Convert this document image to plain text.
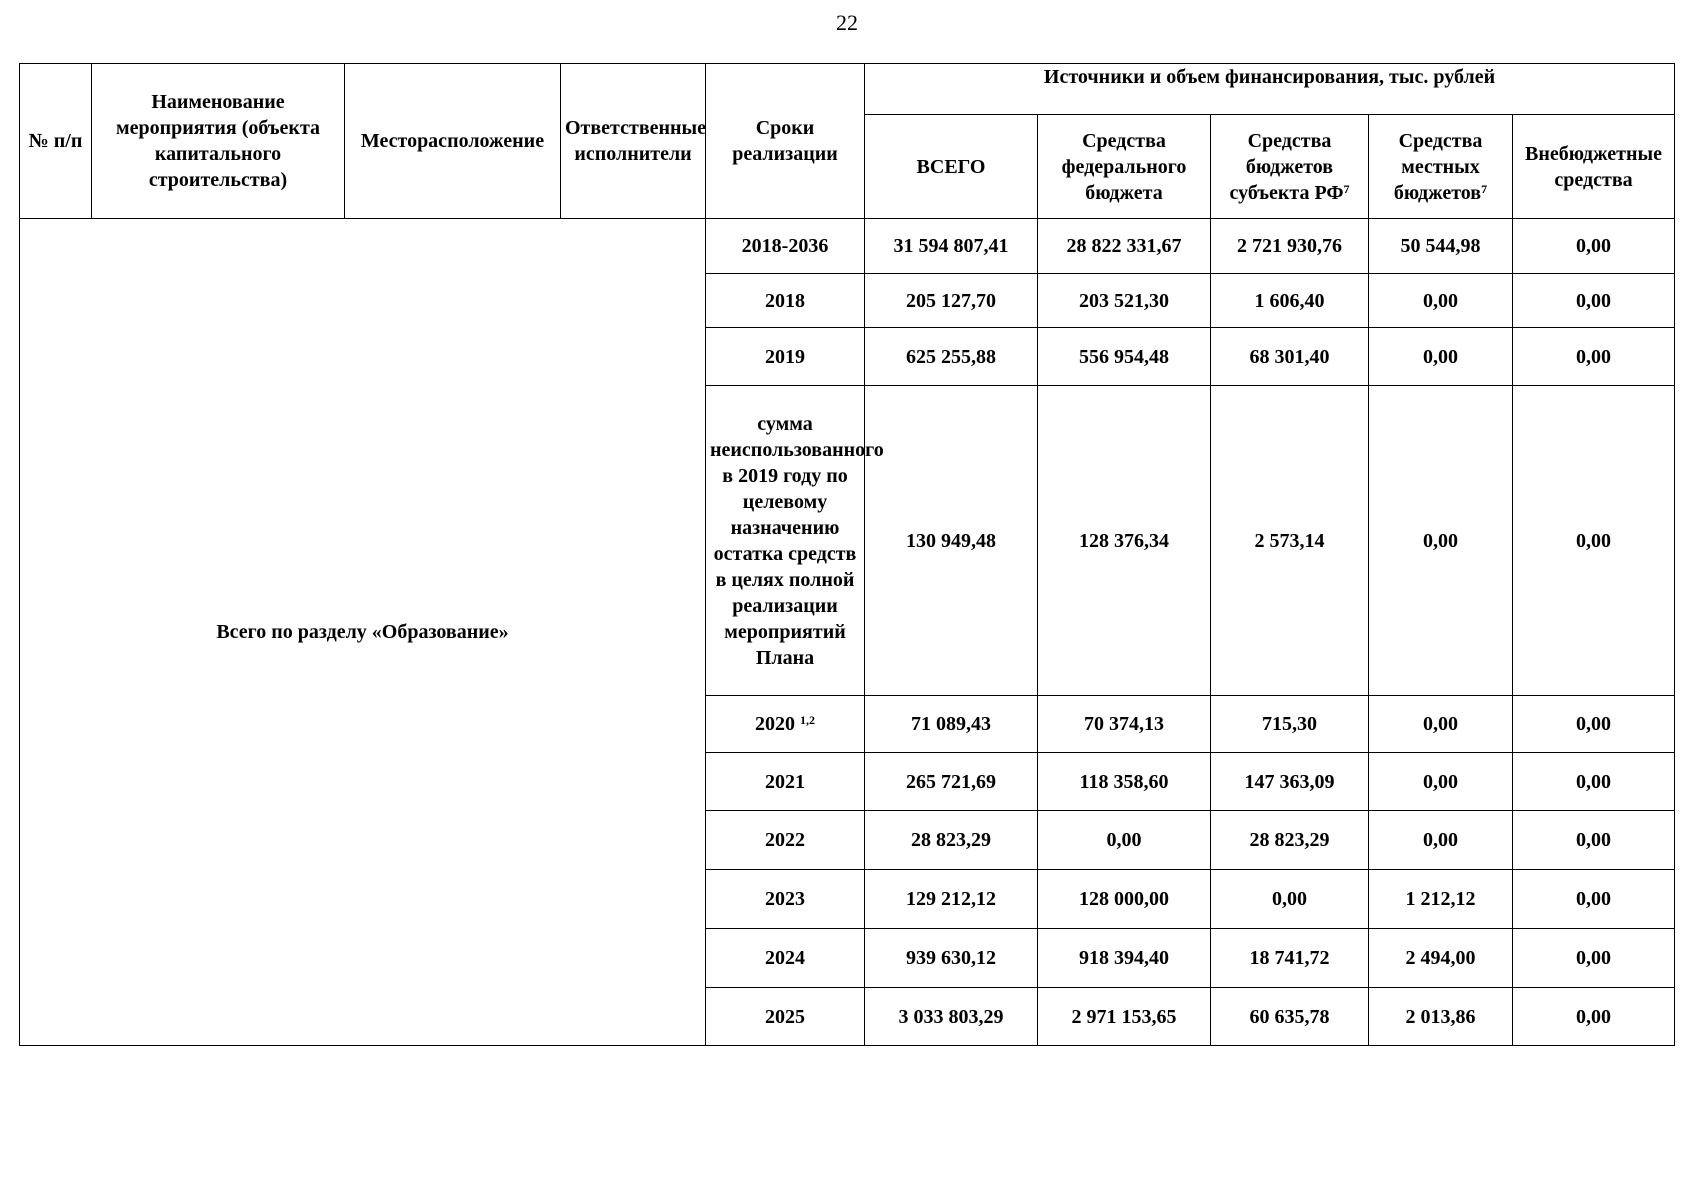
22
№ п/п	Наименование мероприятия (объекта капитального строительства)	Месторасположение	Ответственные исполнители	Сроки реализации	Источники и объем финансирования, тыс. рублей				
					ВСЕГО	Средства федерального бюджета	Средства бюджетов субъекта $РФ^7$	Средства местных бюджетов$^7$	Внебюджетные средства
Всего по разделу «Образование»				2018-2036	31 594 807,41	28 822 331,67	2 721 930,76	50 544,98	0,00
				2018	205 127,70	203 521,30	1 606,40	0,00	0,00
				2019	625 255,88	556 954,48	68 301,40	0,00	0,00
				сумма неиспользованного в 2019 году по целевому назначению остатка средств в целях полной реализации мероприятий Плана	130 949,48	128 376,34	2 573,14	0,00	0,00
				2020 $^{1,2}$	71 089,43	70 374,13	715,30	0,00	0,00
				2021	265 721,69	118 358,60	147 363,09	0,00	0,00
				2022	28 823,29	0,00	28 823,29	0,00	0,00
				2023	129 212,12	128 000,00	0,00	1 212,12	0,00
				2024	939 630,12	918 394,40	18 741,72	2 494,00	0,00
				2025	3 033 803,29	2 971 153,65	60 635,78	2 013,86	0,00
